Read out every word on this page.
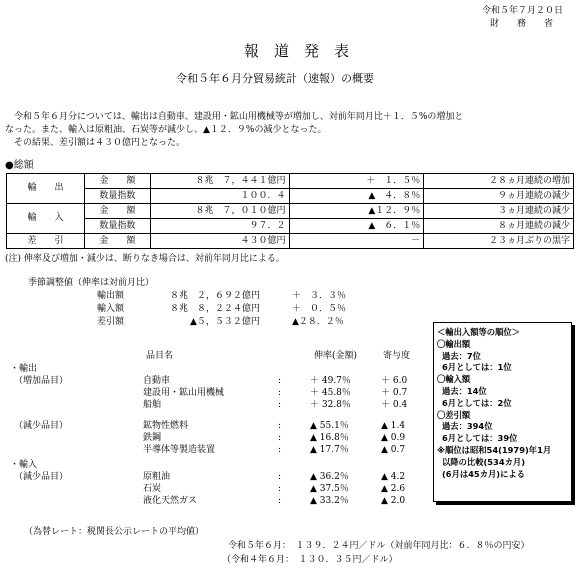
令和５年７月２０日
財　　務　　省
報　道　発　表
令和５年６月分貿易統計（速報）の概要
令和５年６月分については、輸出は自動車、建設用・鉱山用機械等が増加し、対前年同月比＋１．５%の増加と
なった。また、輸入は原粗油、石炭等が減少し、▲１２．９%の減少となった。
その結果、差引額は４３０億円となった。
●総額
輸　　出	金　　額	８兆　７，４４１億円	＋　１．５％	２８ヵ月連続の増加
	数量指数	１００．４	▲　４．８％	９ヵ月連続の減少
輸　　入	金　　額	８兆　７，０１０億円	▲１２．９％	３ヵ月連続の減少
	数量指数	９７．２	▲　６．１％	８ヵ月連続の減少
差　　引	金　　額	４３０億円	－	２３ヵ月ぶりの黒字
(注) 伸率及び増加・減少は、断りなき場合は、対前年同月比による。
季節調整値（伸率は対前月比）
輸出額	８兆　２，６９２億円	＋　３．３％
輸入額	８兆　８，２２４億円	＋　０．５％
差引額	▲５，５３２億円	▲２８．２％
品目名	伸率(金額)	寄与度
・輸出
（増加品目）	自動車	:	＋ 49.7％	＋ 6.0
建設用・鉱山用機械	:	＋ 45.8％	＋ 0.7
船舶	:	＋ 32.8％	＋ 0.4
（減少品目）	鉱物性燃料	:	▲ 55.1％	▲ 1.4
鉄鋼	:	▲ 16.8％	▲ 0.9
半導体等製造装置	:	▲ 17.7％	▲ 0.7
・輸入
（減少品目）	原粗油	:	▲ 36.2％	▲ 4.2
石炭	:	▲ 37.5％	▲ 2.6
液化天然ガス	:	▲ 33.2％	▲ 2.0
＜輸出入額等の順位＞
〇輸出額
過去：7位
6月としては：1位
〇輸入額
過去：14位
6月としては：2位
〇差引額
過去：394位
6月としては：39位
※順位は昭和54(1979)年1月
以降の比較(534カ月)
(6月は45カ月)による
（為替レート：税関長公示レートの平均値）
令和５年６月：　１３９．２４円／ドル（対前年同月比：６．８％の円安）
（令和４年６月：　１３０．３５円／ドル）
